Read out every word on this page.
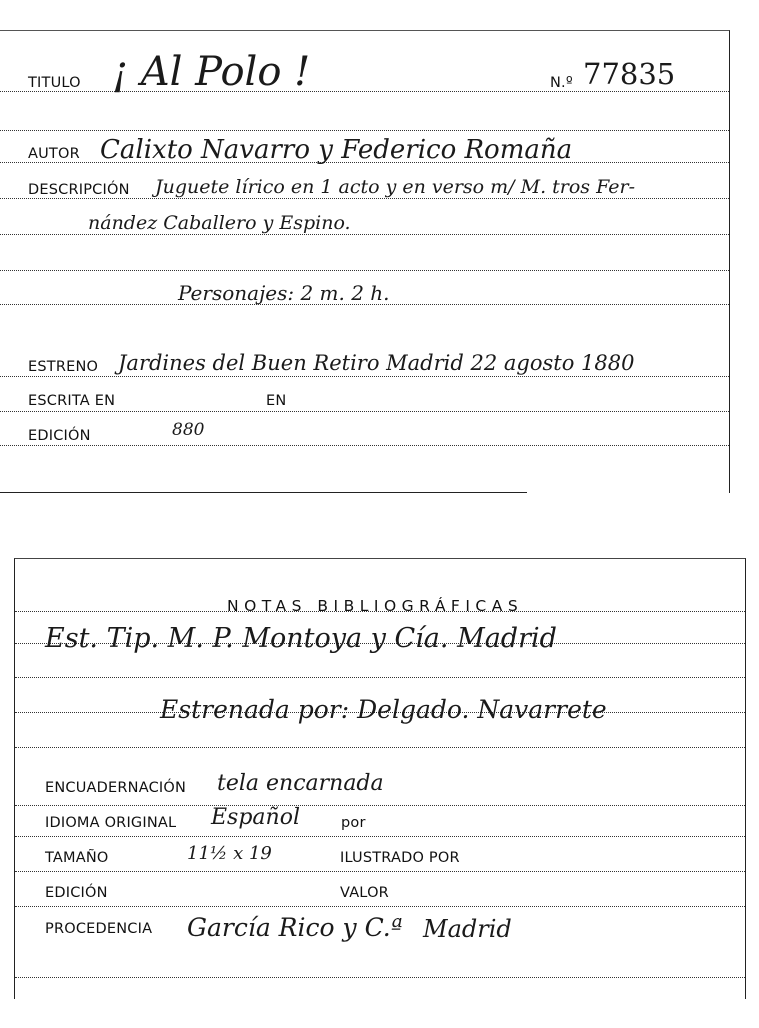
TITULO ¡ Al Polo !	N.º 77835
AUTOR Calixto Navarro y Federico Romaña
DESCRIPCIÓN Juguete lírico en 1 acto y en verso m/ M. tros Fer-
nández Caballero y Espino.
Personajes: 2 m. 2 h.
ESTRENO Jardines del Buen Retiro Madrid 22 agosto 1880
ESCRITA EN	EN
EDICIÓN	880
NOTAS BIBLIOGRÁFICAS
Est. Tip. M. P. Montoya y Cía. Madrid
Estrenada por: Delgado. Navarrete
ENCUADERNACIÓN tela encarnada
IDIOMA ORIGINAL Español	por
TAMAÑO	11½ x 19	ILUSTRADO POR
EDICIÓN	VALOR
PROCEDENCIA García Rico y C.ª Madrid
